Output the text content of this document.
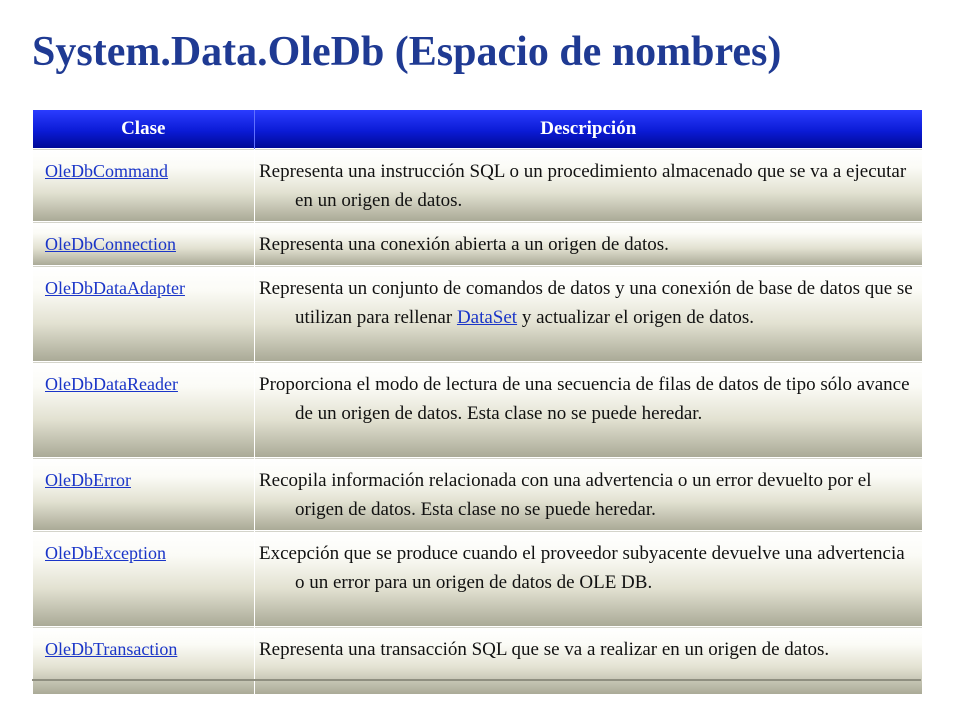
System.Data.OleDb (Espacio de nombres)
Clase	Descripción
OleDbCommand	Representa una instrucción SQL o un procedimiento almacenado que se va a ejecutar en un origen de datos.
OleDbConnection	Representa una conexión abierta a un origen de datos.
OleDbDataAdapter	Representa un conjunto de comandos de datos y una conexión de base de datos que se utilizan para rellenar DataSet y actualizar el origen de datos.
OleDbDataReader	Proporciona el modo de lectura de una secuencia de filas de datos de tipo sólo avance de un origen de datos. Esta clase no se puede heredar.
OleDbError	Recopila información relacionada con una advertencia o un error devuelto por el origen de datos. Esta clase no se puede heredar.
OleDbException	Excepción que se produce cuando el proveedor subyacente devuelve una advertencia o un error para un origen de datos de OLE DB.
OleDbTransaction	Representa una transacción SQL que se va a realizar en un origen de datos.
